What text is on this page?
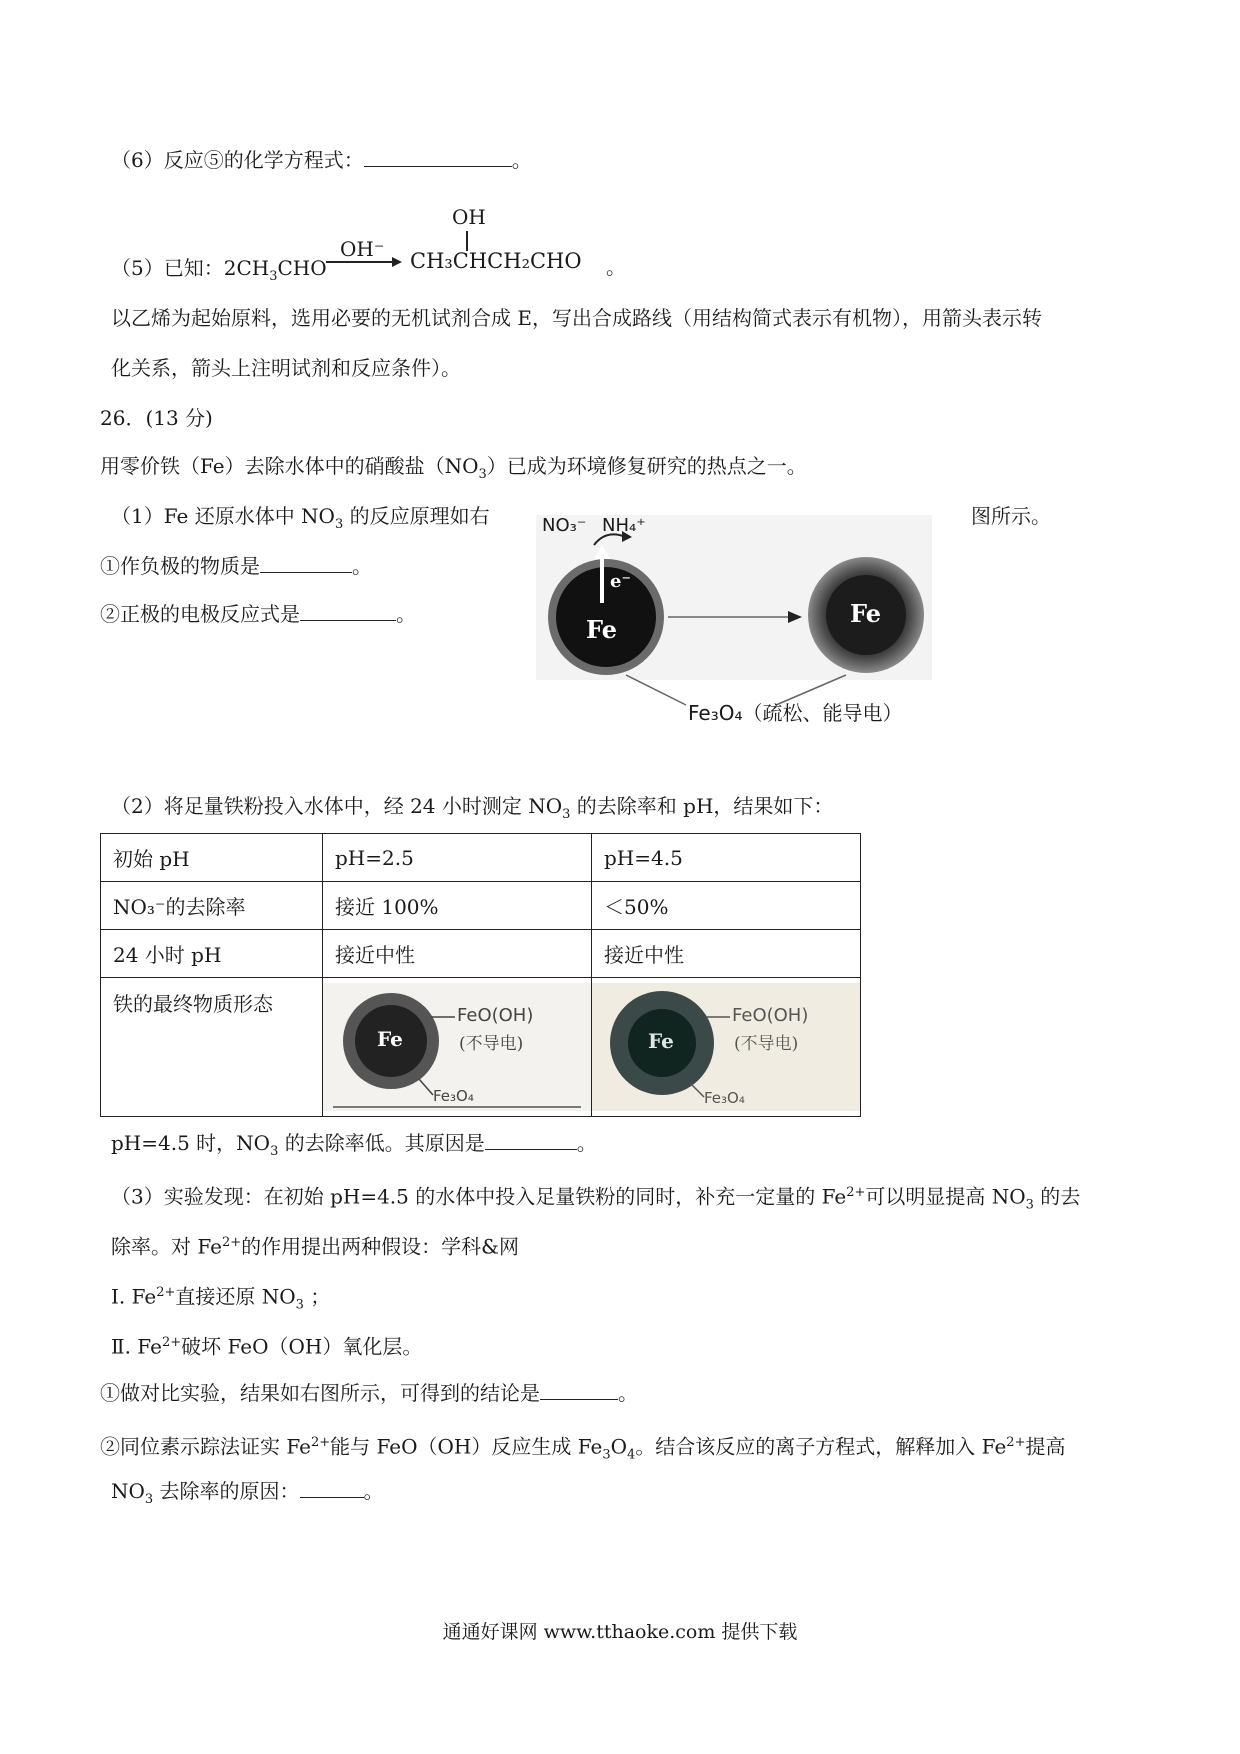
（6）反应⑤的化学方程式：	。
（5）已知：$2CH_3CHO$
OH⁻
OH
CH₃CHCH₂CHO 。
以乙烯为起始原料，选用必要的无机试剂合成 E，写出合成路线（用结构简式表示有机物），用箭头表示转
化关系，箭头上注明试剂和反应条件）。
26．(13 分)
用零价铁（Fe）去除水体中的硝酸盐$(NO_3)$已成为环境修复研究的热点之一。
（1）Fe 还原水体中 $NO_3$ 的反应原理如右	图所示。
①作负极的物质是	。
②正极的电极反应式是	。
NO₃⁻ NH₄⁺
e⁻
Fe
Fe
Fe₃O₄（疏松、能导电）
（2）将足量铁粉投入水体中，经 24 小时测定 $NO_3$ 的去除率和 pH，结果如下：
初始 pH	pH=2.5	pH=4.5
NO₃⁻的去除率	接近 100%	＜50%
24 小时 pH	接近中性	接近中性
铁的最终物质形态	Fe
FeO(OH)
(不导电)
Fe₃O₄	Fe
FeO(OH)
(不导电)
Fe₃O₄
pH=4.5 时，$NO_3$ 的去除率低。其原因是	。
（3）实验发现：在初始 pH=4.5 的水体中投入足量铁粉的同时，补充一定量的 $Fe^{2+}$可以明显提高 $NO_3$ 的去
除率。对 $Fe^{2+}$的作用提出两种假设：学科&网
Ⅰ. $Fe^{2+}$直接还原 $NO_3$ ；
Ⅱ. $Fe^{2+}$破坏 FeO（OH）氧化层。
①做对比实验，结果如右图所示，可得到的结论是	。
②同位素示踪法证实 $Fe^{2+}$能与 FeO（OH）反应生成 $Fe_3O_4$。结合该反应的离子方程式，解释加入 $Fe^{2+}$提高
$NO_3$ 去除率的原因：	。
通通好课网 www.tthaoke.com 提供下载
